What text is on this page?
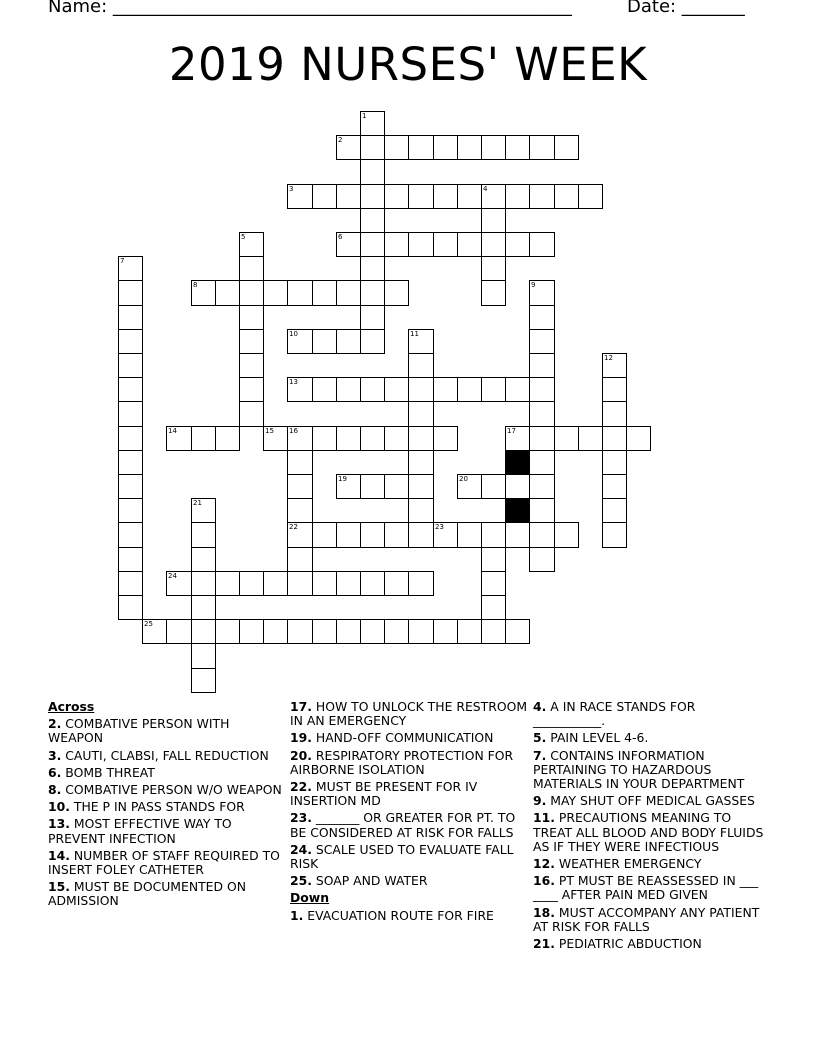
Name: ___________________________________________________	Date: _______
2019 NURSES' WEEK
1
2
3	4
5	6
7
8	9
10	11
12
13
14	15 16
22
17
19	20
21
23
24
25
Across
2. COMBATIVE PERSON WITH WEAPON
3. CAUTI, CLABSI, FALL REDUCTION
6. BOMB THREAT
8. COMBATIVE PERSON W/O WEAPON
10. THE P IN PASS STANDS FOR
13. MOST EFFECTIVE WAY TO PREVENT INFECTION
14. NUMBER OF STAFF REQUIRED TO INSERT FOLEY CATHETER
15. MUST BE DOCUMENTED ON ADMISSION
17. HOW TO UNLOCK THE RESTROOM IN AN EMERGENCY
19. HAND-OFF COMMUNICATION
20. RESPIRATORY PROTECTION FOR AIRBORNE ISOLATION
22. MUST BE PRESENT FOR IV INSERTION MD
23. _______ OR GREATER FOR PT. TO BE CONSIDERED AT RISK FOR FALLS
24. SCALE USED TO EVALUATE FALL RISK
25. SOAP AND WATER
Down
1. EVACUATION ROUTE FOR FIRE
4. A IN RACE STANDS FOR ___________.
5. PAIN LEVEL 4-6.
7. CONTAINS INFORMATION PERTAINING TO HAZARDOUS MATERIALS IN YOUR DEPARTMENT
9. MAY SHUT OFF MEDICAL GASSES
11. PRECAUTIONS MEANING TO TREAT ALL BLOOD AND BODY FLUIDS AS IF THEY WERE INFECTIOUS
12. WEATHER EMERGENCY
16. PT MUST BE REASSESSED IN ___ ____ AFTER PAIN MED GIVEN
18. MUST ACCOMPANY ANY PATIENT AT RISK FOR FALLS
21. PEDIATRIC ABDUCTION
